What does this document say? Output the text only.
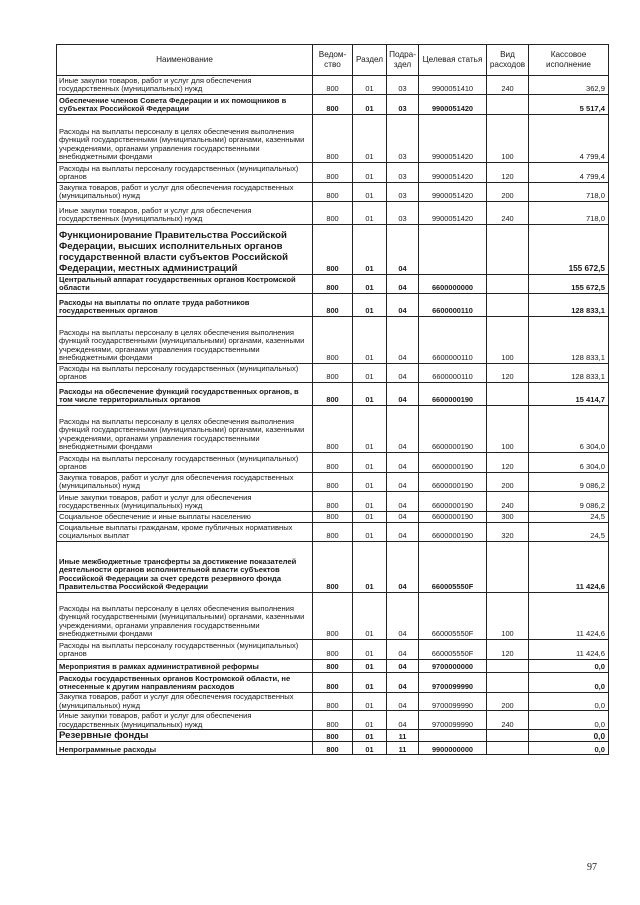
Наименование	Ведом-ство	Раздел	Подра-здел	Целевая статья	Вид расходов	Кассовое исполнение
Иные закупки товаров, работ и услуг для обеспечения государственных (муниципальных) нужд	800	01	03	9900051410	240	362,9
Обеспечение членов Совета Федерации и их помощников в субъектах Российской Федерации	800	01	03	9900051420		5 517,4
Расходы на выплаты персоналу в целях обеспечения выполнения функций государственными (муниципальными) органами, казенными учреждениями, органами управления государственными внебюджетными фондами	800	01	03	9900051420	100	4 799,4
Расходы на выплаты персоналу государственных (муниципальных) органов	800	01	03	9900051420	120	4 799,4
Закупка товаров, работ и услуг для обеспечения государственных (муниципальных) нужд	800	01	03	9900051420	200	718,0
Иные закупки товаров, работ и услуг для обеспечения государственных (муниципальных) нужд	800	01	03	9900051420	240	718,0
Функционирование Правительства Российской Федерации, высших исполнительных органов государственной власти субъектов Российской Федерации, местных администраций	800	01	04			155 672,5
Центральный аппарат государственных органов Костромской области	800	01	04	6600000000		155 672,5
Расходы на выплаты по оплате труда работников государственных органов	800	01	04	6600000110		128 833,1
Расходы на выплаты персоналу в целях обеспечения выполнения функций государственными (муниципальными) органами, казенными учреждениями, органами управления государственными внебюджетными фондами	800	01	04	6600000110	100	128 833,1
Расходы на выплаты персоналу государственных (муниципальных) органов	800	01	04	6600000110	120	128 833,1
Расходы на обеспечение функций государственных органов, в том числе территориальных органов	800	01	04	6600000190		15 414,7
Расходы на выплаты персоналу в целях обеспечения выполнения функций государственными (муниципальными) органами, казенными учреждениями, органами управления государственными внебюджетными фондами	800	01	04	6600000190	100	6 304,0
Расходы на выплаты персоналу государственных (муниципальных) органов	800	01	04	6600000190	120	6 304,0
Закупка товаров, работ и услуг для обеспечения государственных (муниципальных) нужд	800	01	04	6600000190	200	9 086,2
Иные закупки товаров, работ и услуг для обеспечения государственных (муниципальных) нужд	800	01	04	6600000190	240	9 086,2
Социальное обеспечение и иные выплаты населению	800	01	04	6600000190	300	24,5
Социальные выплаты гражданам, кроме публичных нормативных социальных выплат	800	01	04	6600000190	320	24,5
Иные межбюджетные трансферты за достижение показателей деятельности органов исполнительной власти субъектов Российской Федерации за счет средств резервного фонда Правительства Российской Федерации	800	01	04	660005550F		11 424,6
Расходы на выплаты персоналу в целях обеспечения выполнения функций государственными (муниципальными) органами, казенными учреждениями, органами управления государственными внебюджетными фондами	800	01	04	660005550F	100	11 424,6
Расходы на выплаты персоналу государственных (муниципальных) органов	800	01	04	660005550F	120	11 424,6
Мероприятия в рамках административной реформы	800	01	04	9700000000		0,0
Расходы государственных органов Костромской области, не отнесенные к другим направлениям расходов	800	01	04	9700099990		0,0
Закупка товаров, работ и услуг для обеспечения государственных (муниципальных) нужд	800	01	04	9700099990	200	0,0
Иные закупки товаров, работ и услуг для обеспечения государственных (муниципальных) нужд	800	01	04	9700099990	240	0,0
Резервные фонды	800	01	11			0,0
Непрограммные расходы	800	01	11	9900000000		0,0
97
